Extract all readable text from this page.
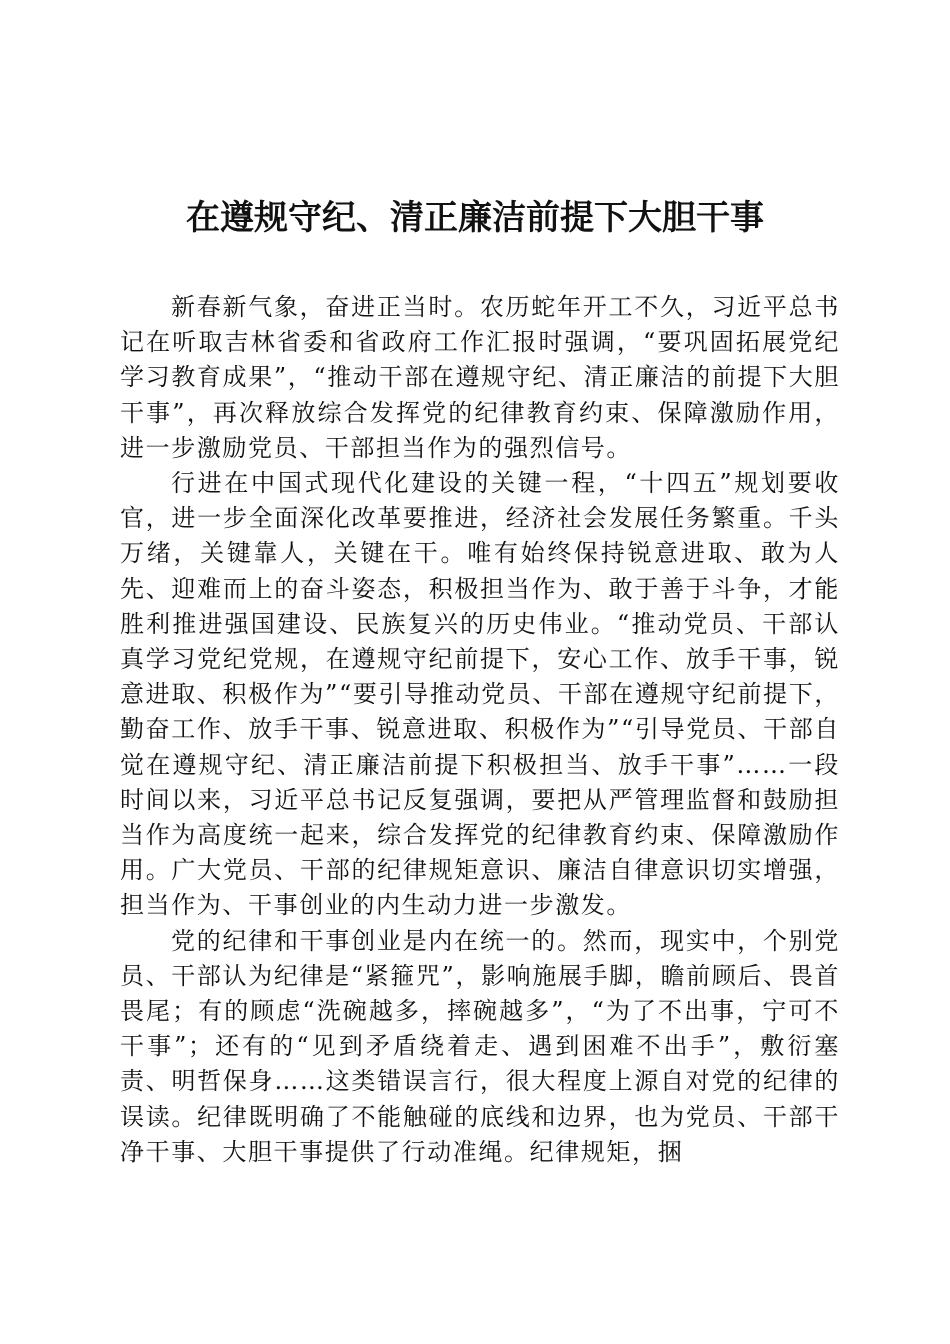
在遵规守纪、清正廉洁前提下大胆干事

新春新气象，奋进正当时。农历蛇年开工不久，习近平总书记在听取吉林省委和省政府工作汇报时强调，“要巩固拓展党纪学习教育成果”，“推动干部在遵规守纪、清正廉洁的前提下大胆干事”，再次释放综合发挥党的纪律教育约束、保障激励作用，进一步激励党员、干部担当作为的强烈信号。

行进在中国式现代化建设的关键一程，“十四五”规划要收官，进一步全面深化改革要推进，经济社会发展任务繁重。千头万绪，关键靠人，关键在干。唯有始终保持锐意进取、敢为人先、迎难而上的奋斗姿态，积极担当作为、敢于善于斗争，才能胜利推进强国建设、民族复兴的历史伟业。“推动党员、干部认真学习党纪党规，在遵规守纪前提下，安心工作、放手干事，锐意进取、积极作为”“要引导推动党员、干部在遵规守纪前提下，勤奋工作、放手干事、锐意进取、积极作为”“引导党员、干部自觉在遵规守纪、清正廉洁前提下积极担当、放手干事”……一段时间以来，习近平总书记反复强调，要把从严管理监督和鼓励担当作为高度统一起来，综合发挥党的纪律教育约束、保障激励作用。广大党员、干部的纪律规矩意识、廉洁自律意识切实增强，担当作为、干事创业的内生动力进一步激发。

党的纪律和干事创业是内在统一的。然而，现实中，个别党员、干部认为纪律是“紧箍咒”，影响施展手脚，瞻前顾后、畏首畏尾；有的顾虑“洗碗越多，摔碗越多”，“为了不出事，宁可不干事”；还有的“见到矛盾绕着走、遇到困难不出手”，敷衍塞责、明哲保身……这类错误言行，很大程度上源自对党的纪律的误读。纪律既明确了不能触碰的底线和边界，也为党员、干部干净干事、大胆干事提供了行动准绳。纪律规矩，捆
